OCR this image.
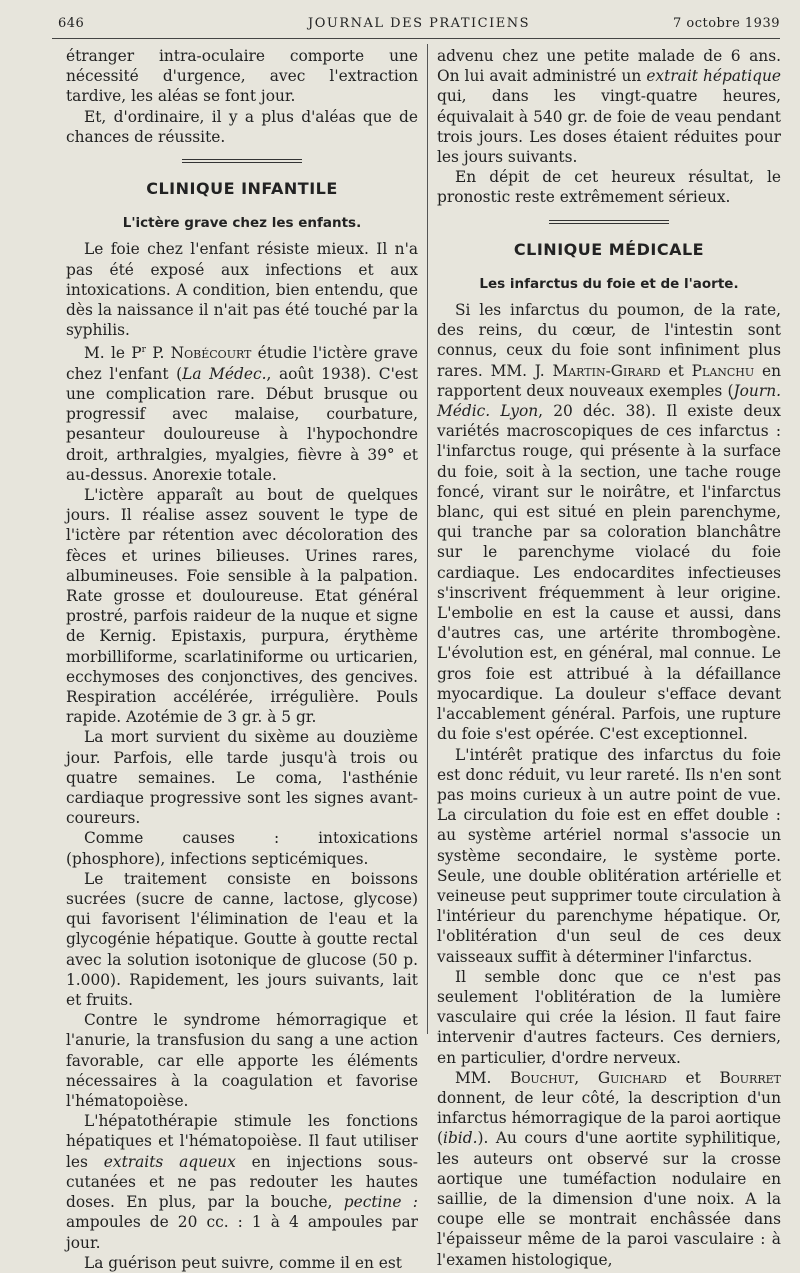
646	JOURNAL DES PRATICIENS	7 octobre 1939

étranger intra-oculaire comporte une nécessité d'urgence, avec l'extraction tardive, les aléas se font jour.

Et, d'ordinaire, il y a plus d'aléas que de chances de réussite.

CLINIQUE INFANTILE
L'ictère grave chez les enfants.

Le foie chez l'enfant résiste mieux. Il n'a pas été exposé aux infections et aux intoxications. A condition, bien entendu, que dès la naissance il n'ait pas été touché par la syphilis.

M. le $P^r$ P. Nobécourt étudie l'ictère grave chez l'enfant (La Médec., août 1938). C'est une complication rare. Début brusque ou progressif avec malaise, courbature, pesanteur douloureuse à l'hypochondre droit, arthralgies, myalgies, fièvre à 39° et au-dessus. Anorexie totale.

L'ictère apparaît au bout de quelques jours. Il réalise assez souvent le type de l'ictère par rétention avec décoloration des fèces et urines bilieuses. Urines rares, albumineuses. Foie sensible à la palpation. Rate grosse et douloureuse. Etat général prostré, parfois raideur de la nuque et signe de Kernig. Epistaxis, purpura, érythème morbilliforme, scarlatiniforme ou urticarien, ecchymoses des conjonctives, des gencives. Respiration accélérée, irrégulière. Pouls rapide. Azotémie de 3 gr. à 5 gr.

La mort survient du sixème au douzième jour. Parfois, elle tarde jusqu'à trois ou quatre semaines. Le coma, l'asthénie cardiaque progressive sont les signes avant-coureurs.

Comme causes : intoxications (phosphore), infections septicémiques.

Le traitement consiste en boissons sucrées (sucre de canne, lactose, glycose) qui favorisent l'élimination de l'eau et la glycogénie hépatique. Goutte à goutte rectal avec la solution isotonique de glucose (50 p. 1.000). Rapidement, les jours suivants, lait et fruits.

Contre le syndrome hémorragique et l'anurie, la transfusion du sang a une action favorable, car elle apporte les éléments nécessaires à la coagulation et favorise l'hématopoièse.

L'hépatothérapie stimule les fonctions hépatiques et l'hématopoièse. Il faut utiliser les extraits aqueux en injections sous-cutanées et ne pas redouter les hautes doses. En plus, par la bouche, pectine : ampoules de 20 cc. : 1 à 4 ampoules par jour.

La guérison peut suivre, comme il en est

advenu chez une petite malade de 6 ans. On lui avait administré un extrait hépatique qui, dans les vingt-quatre heures, équivalait à 540 gr. de foie de veau pendant trois jours. Les doses étaient réduites pour les jours suivants.

En dépit de cet heureux résultat, le pronostic reste extrêmement sérieux.

CLINIQUE MÉDICALE
Les infarctus du foie et de l'aorte.

Si les infarctus du poumon, de la rate, des reins, du cœur, de l'intestin sont connus, ceux du foie sont infiniment plus rares. MM. J. Martin-Girard et Planchu en rapportent deux nouveaux exemples (Journ. Médic. Lyon, 20 déc. 38). Il existe deux variétés macroscopiques de ces infarctus : l'infarctus rouge, qui présente à la surface du foie, soit à la section, une tache rouge foncé, virant sur le noirâtre, et l'infarctus blanc, qui est situé en plein parenchyme, qui tranche par sa coloration blanchâtre sur le parenchyme violacé du foie cardiaque. Les endocardites infectieuses s'inscrivent fréquemment à leur origine. L'embolie en est la cause et aussi, dans d'autres cas, une artérite thrombogène. L'évolution est, en général, mal connue. Le gros foie est attribué à la défaillance myocardique. La douleur s'efface devant l'accablement général. Parfois, une rupture du foie s'est opérée. C'est exceptionnel.

L'intérêt pratique des infarctus du foie est donc réduit, vu leur rareté. Ils n'en sont pas moins curieux à un autre point de vue. La circulation du foie est en effet double : au système artériel normal s'associe un système secondaire, le système porte. Seule, une double oblitération artérielle et veineuse peut supprimer toute circulation à l'intérieur du parenchyme hépatique. Or, l'oblitération d'un seul de ces deux vaisseaux suffit à déterminer l'infarctus.

Il semble donc que ce n'est pas seulement l'oblitération de la lumière vasculaire qui crée la lésion. Il faut faire intervenir d'autres facteurs. Ces derniers, en particulier, d'ordre nerveux.

MM. Bouchut, Guichard et Bourret donnent, de leur côté, la description d'un infarctus hémorragique de la paroi aortique (ibid.). Au cours d'une aortite syphilitique, les auteurs ont observé sur la crosse aortique une tuméfaction nodulaire en saillie, de la dimension d'une noix. A la coupe elle se montrait enchâssée dans l'épaisseur même de la paroi vasculaire : à l'examen histologique,
